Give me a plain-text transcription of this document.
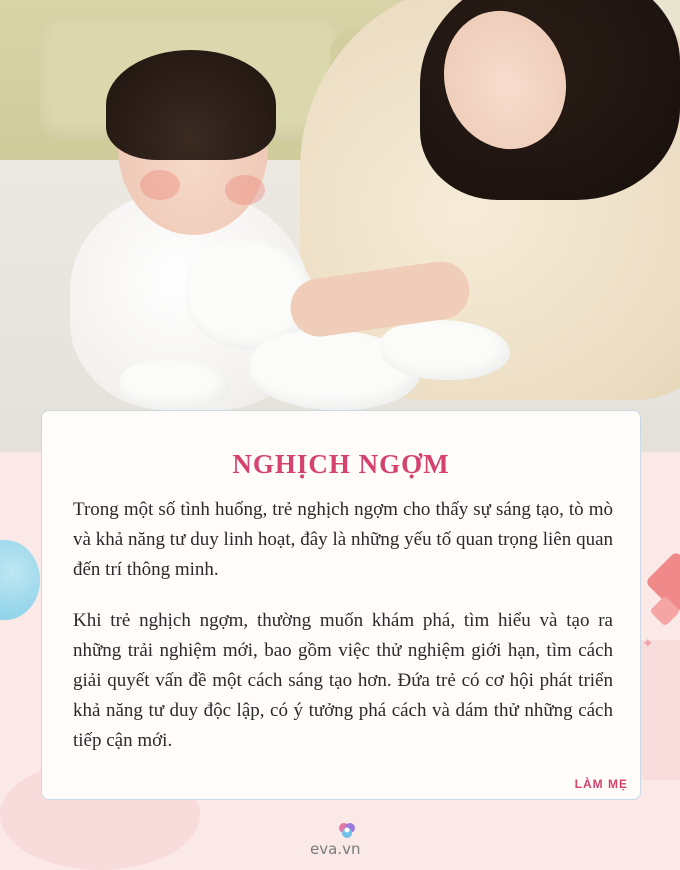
✦
✦
NGHỊCH NGỢM

Trong một số tình huống, trẻ nghịch ngợm cho thấy sự sáng tạo, tò mò và khả năng tư duy linh hoạt, đây là những yếu tố quan trọng liên quan đến trí thông minh.

Khi trẻ nghịch ngợm, thường muốn khám phá, tìm hiểu và tạo ra những trải nghiệm mới, bao gồm việc thử nghiệm giới hạn, tìm cách giải quyết vấn đề một cách sáng tạo hơn. Đứa trẻ có cơ hội phát triển khả năng tư duy độc lập, có ý tưởng phá cách và dám thử những cách tiếp cận mới.

LÀM MẸ
eva.vn
